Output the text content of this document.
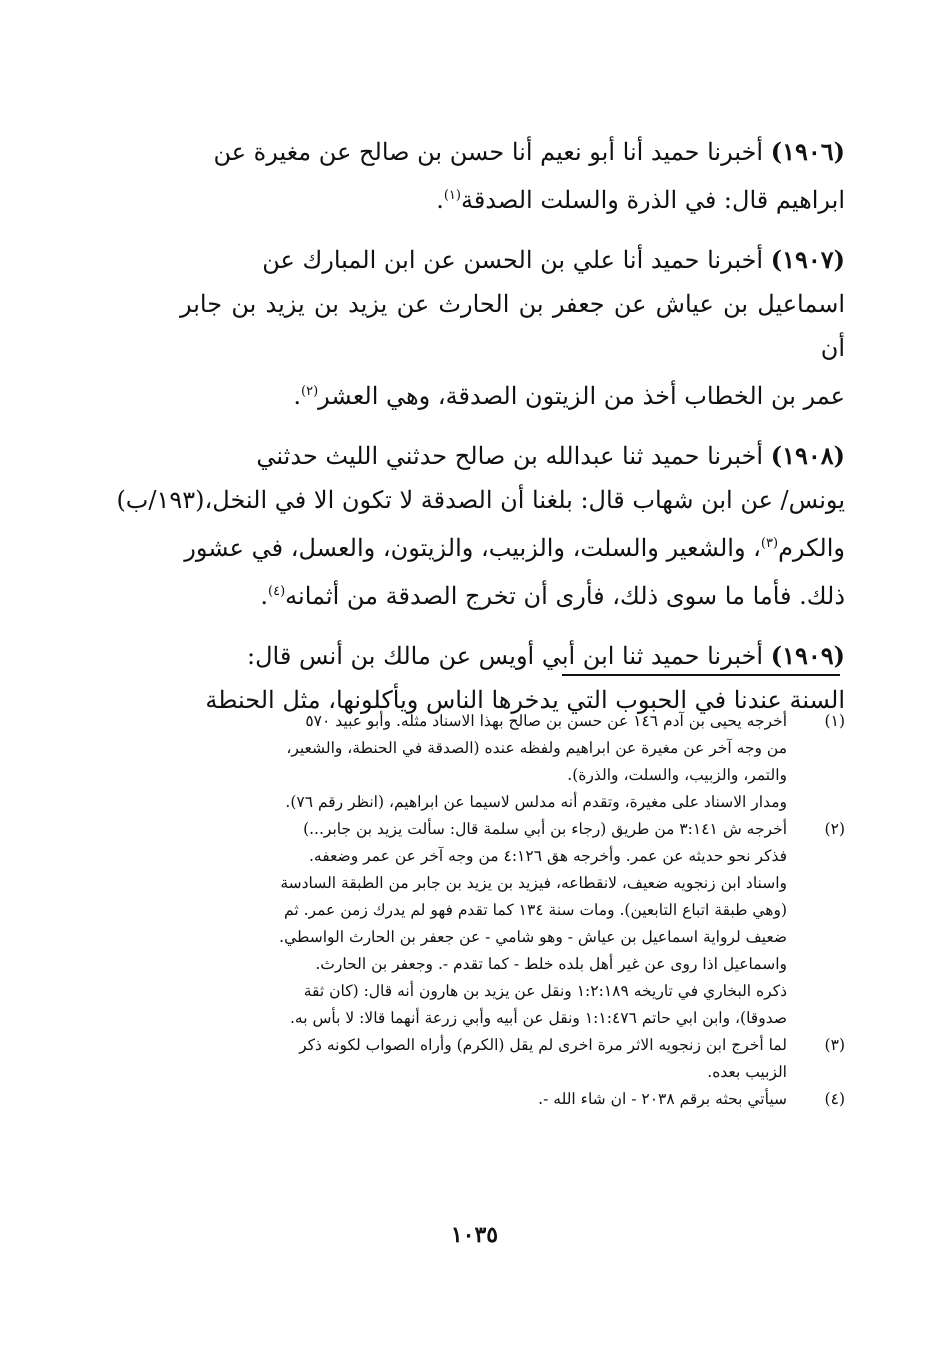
(١٩٠٦) أخبرنا حميد أنا أبو نعيم أنا حسن بن صالح عن مغيرة عن

ابراهيم قال: في الذرة والسلت الصدقة$^{(١)}$.

(١٩٠٧) أخبرنا حميد أنا علي بن الحسن عن ابن المبارك عن

اسماعيل بن عياش عن جعفر بن الحارث عن يزيد بن يزيد بن جابر أن

عمر بن الخطاب أخذ من الزيتون الصدقة، وهي العشر$^{(٢)}$.

(١٩٠٨) أخبرنا حميد ثنا عبدالله بن صالح حدثني الليث حدثني

يونس/ عن ابن شهاب قال: بلغنا أن الصدقة لا تكون الا في النخل،(١٩٣/ب)

والكرم$^{(٣)}$، والشعير والسلت، والزبيب، والزيتون، والعسل، في عشور

ذلك. فأما ما سوى ذلك، فأرى أن تخرج الصدقة من أثمانه$^{(٤)}$.

(١٩٠٩) أخبرنا حميد ثنا ابن أبي أويس عن مالك بن أنس قال:

السنة عندنا في الحبوب التي يدخرها الناس ويأكلونها، مثل الحنطة

(١)
أخرجه يحيى بن آدم ١٤٦ عن حسن بن صالح بهذا الاسناد مثله. وأبو عبيد ٥٧٠
من وجه آخر عن مغيرة عن ابراهيم ولفظه عنده (الصدقة في الحنطة، والشعير،
والتمر، والزبيب، والسلت، والذرة).
ومدار الاسناد على مغيرة، وتقدم أنه مدلس لاسيما عن ابراهيم، (انظر رقم ٧٦).
(٢)
أخرجه ش ٣:١٤١ من طريق (رجاء بن أبي سلمة قال: سألت يزيد بن جابر...)
فذكر نحو حديثه عن عمر. وأخرجه هق ٤:١٢٦ من وجه آخر عن عمر وضعفه.
واسناد ابن زنجويه ضعيف، لانقطاعه، فيزيد بن يزيد بن جابر من الطبقة السادسة
(وهي طبقة اتباع التابعين). ومات سنة ١٣٤ كما تقدم فهو لم يدرك زمن عمر. ثم
ضعيف لرواية اسماعيل بن عياش - وهو شامي - عن جعفر بن الحارث الواسطي.
واسماعيل اذا روى عن غير أهل بلده خلط - كما تقدم -. وجعفر بن الحارث.
ذكره البخاري في تاريخه ١:٢:١٨٩ ونقل عن يزيد بن هارون أنه قال: (كان ثقة
صدوقا)، وابن ابي حاتم ١:١:٤٧٦ ونقل عن أبيه وأبي زرعة أنهما قالا: لا بأس به.
(٣)
لما أخرج ابن زنجويه الاثر مرة اخرى لم يقل (الكرم) وأراه الصواب لكونه ذكر
الزبيب بعده.
(٤)
سيأتي بحثه برقم ٢٠٣٨ - ان شاء الله -.
١٠٣٥
